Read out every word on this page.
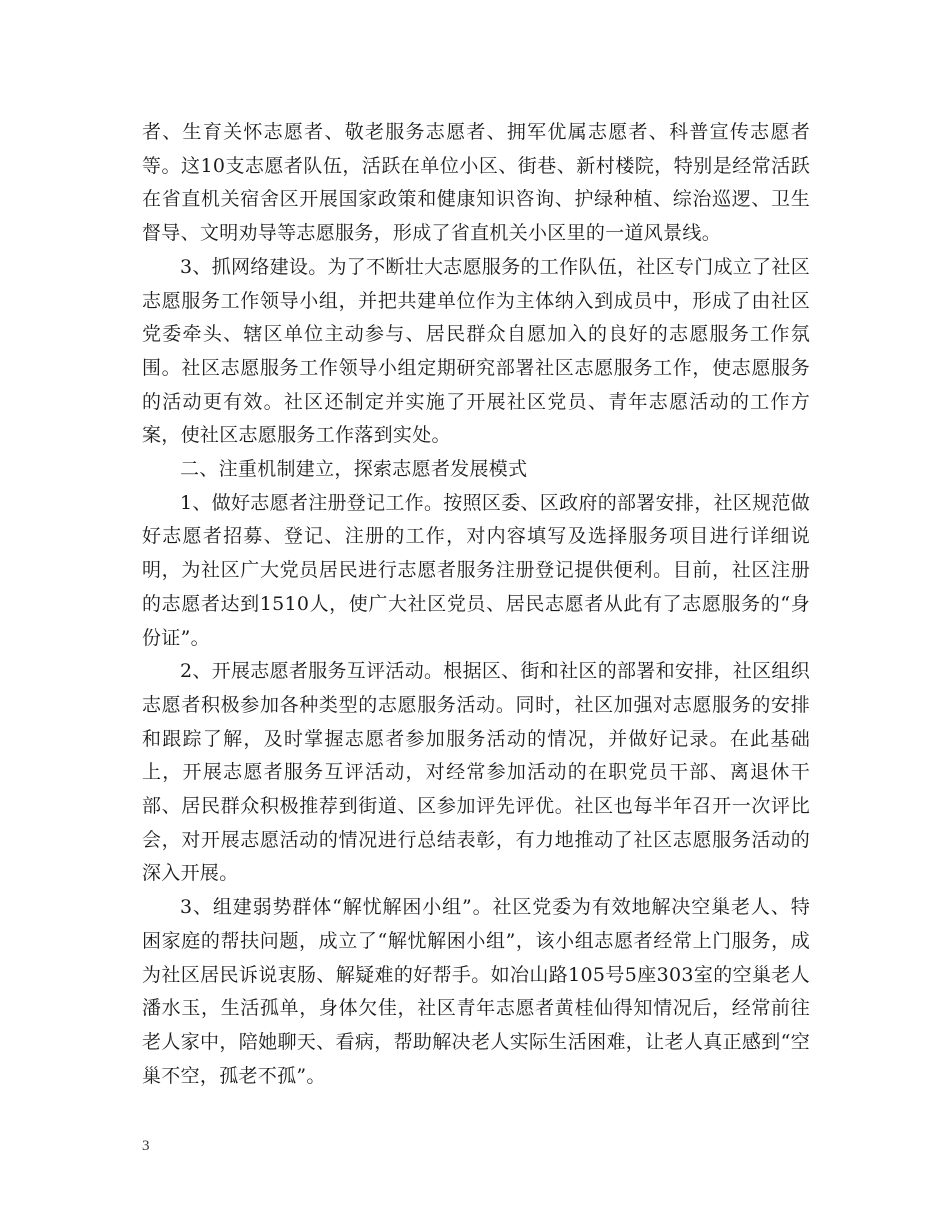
者、生育关怀志愿者、敬老服务志愿者、拥军优属志愿者、科普宣传志愿者等。这10支志愿者队伍，活跃在单位小区、街巷、新村楼院，特别是经常活跃在省直机关宿舍区开展国家政策和健康知识咨询、护绿种植、综治巡逻、卫生督导、文明劝导等志愿服务，形成了省直机关小区里的一道风景线。

3、抓网络建设。为了不断壮大志愿服务的工作队伍，社区专门成立了社区志愿服务工作领导小组，并把共建单位作为主体纳入到成员中，形成了由社区党委牵头、辖区单位主动参与、居民群众自愿加入的良好的志愿服务工作氛围。社区志愿服务工作领导小组定期研究部署社区志愿服务工作，使志愿服务的活动更有效。社区还制定并实施了开展社区党员、青年志愿活动的工作方案，使社区志愿服务工作落到实处。

二、注重机制建立，探索志愿者发展模式

1、做好志愿者注册登记工作。按照区委、区政府的部署安排，社区规范做好志愿者招募、登记、注册的工作，对内容填写及选择服务项目进行详细说明，为社区广大党员居民进行志愿者服务注册登记提供便利。目前，社区注册的志愿者达到1510人，使广大社区党员、居民志愿者从此有了志愿服务的“身份证”。

2、开展志愿者服务互评活动。根据区、街和社区的部署和安排，社区组织志愿者积极参加各种类型的志愿服务活动。同时，社区加强对志愿服务的安排和跟踪了解，及时掌握志愿者参加服务活动的情况，并做好记录。在此基础上，开展志愿者服务互评活动，对经常参加活动的在职党员干部、离退休干部、居民群众积极推荐到街道、区参加评先评优。社区也每半年召开一次评比会，对开展志愿活动的情况进行总结表彰，有力地推动了社区志愿服务活动的深入开展。

3、组建弱势群体“解忧解困小组”。社区党委为有效地解决空巢老人、特困家庭的帮扶问题，成立了“解忧解困小组”，该小组志愿者经常上门服务，成为社区居民诉说衷肠、解疑难的好帮手。如冶山路105号5座303室的空巢老人潘水玉，生活孤单，身体欠佳，社区青年志愿者黄桂仙得知情况后，经常前往老人家中，陪她聊天、看病，帮助解决老人实际生活困难，让老人真正感到“空巢不空，孤老不孤”。

3
